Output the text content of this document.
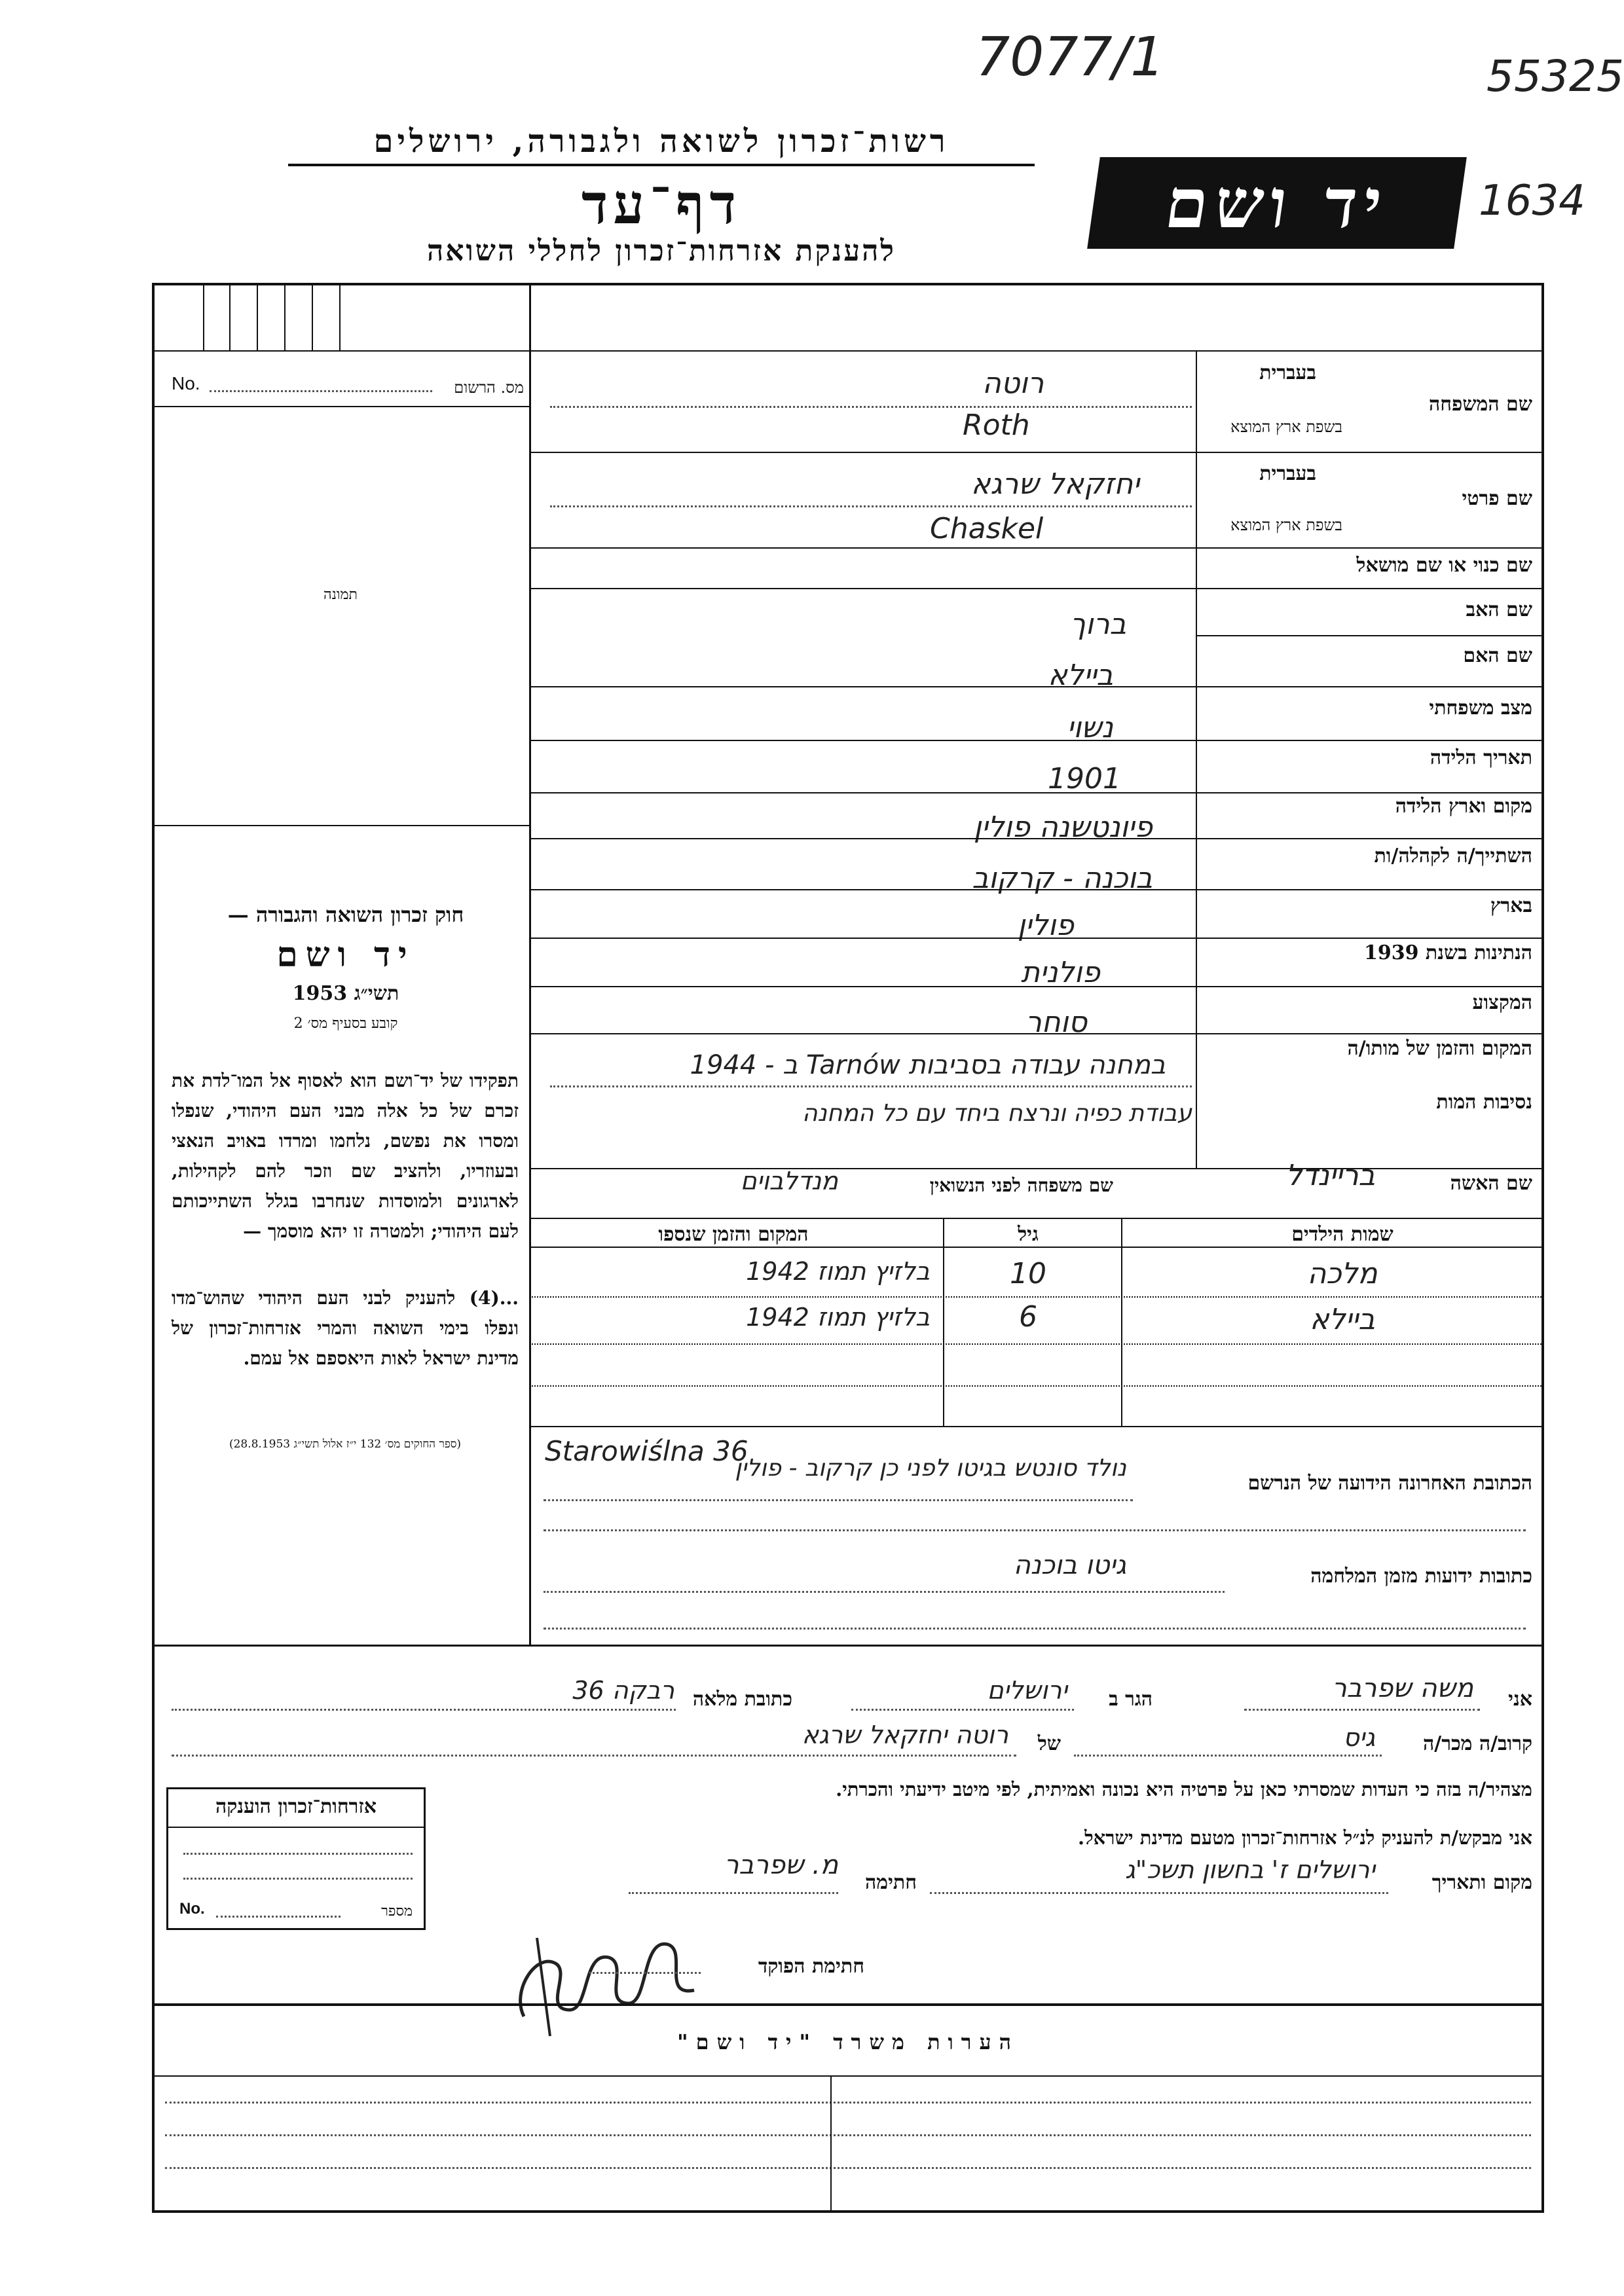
7077/1	55325
1634
רשות־זכרון לשואה ולגבורה, ירושלים
דף־עד
להענקת אזרחות־זכרון לחללי השואה
יד ושם
מס. הרשום
No.
תמונה
חוק זכרון השואה והגבורה —
יד ושם
תשי״ג 1953
קובע בסעיף מס׳ 2
תפקידו של יד־ושם הוא לאסוף אל המו־לדת את זכרם של כל אלה מבני העם היהודי, שנפלו ומסרו את נפשם, נלחמו ומרדו באויב הנאצי ובעוזריו, ולהציב שם וזכר להם לקהילות, לארגונים ולמוסדות שנחרבו בגלל השתייכותם לעם היהודי; ולמטרה זו יהא מוסמך —
...(4) להעניק לבני העם היהודי שהוש־מדו ונפלו בימי השואה והמרי אזרחות־זכרון של מדינת ישראל לאות היאספם אל עמם.
(ספר החוקים מס׳ 132 י״ז אלול תשי״ג 28.8.1953)
בעברית
שם המשפחה
בשפת ארץ המוצא
רוטה
Roth
בעברית
שם פרטי
בשפת ארץ המוצא
יחזקאל שרגא
Chaskel
שם כנוי או שם מושאל
שם האב
ברוך
שם האם
ביילא
מצב משפחתי
נשוי
תאריך הלידה
1901
מקום וארץ הלידה
פיונטשנה פולין
השתייך/ה לקהלה/ות
בוכנה - קרקוב
בארץ
פולין
הנתינות בשנת 1939
פולנית
המקצוע
סוחר
המקום והזמן של מותו/ה
במחנה עבודה בסביבות Tarnów ב - 1944
נסיבות המות
עבודת כפיה ונרצח ביחד עם כל המחנה
שם האשה
בריינדל
שם משפחה לפני הנשואין
מנדלבוים
שמות הילדים
גיל
המקום והזמן שנספו
מלכה
10
בלזיץ תמוז 1942
ביילא
6
בלזיץ תמוז 1942
Starowiślna 36
הכתובת האחרונה הידועה של הנרשם
נולד סונטש בגיטו לפני כן קרקוב - פולין
כתובות ידועות מזמן המלחמה
גיטו בוכנה
אני
משה שפרבר
הגר ב
ירושלים
כתובת מלאה
רבקה 36
קרוב/ה מכר/ה
גיס
של
רוטה יחזקאל שרגא
מצהיר/ה בזה כי העדות שמסרתי כאן על פרטיה היא נכונה ואמיתית, לפי מיטב ידיעתי והכרתי.
אני מבקש/ת להעניק לנ״ל אזרחות־זכרון מטעם מדינת ישראל.
מקום ותאריך
ירושלים ז' בחשון תשכ"ג
חתימה
מ. שפרבר
חתימת הפוקד
אזרחות־זכרון הוענקה
No.	מספר
הערות משרד "יד ושם"
